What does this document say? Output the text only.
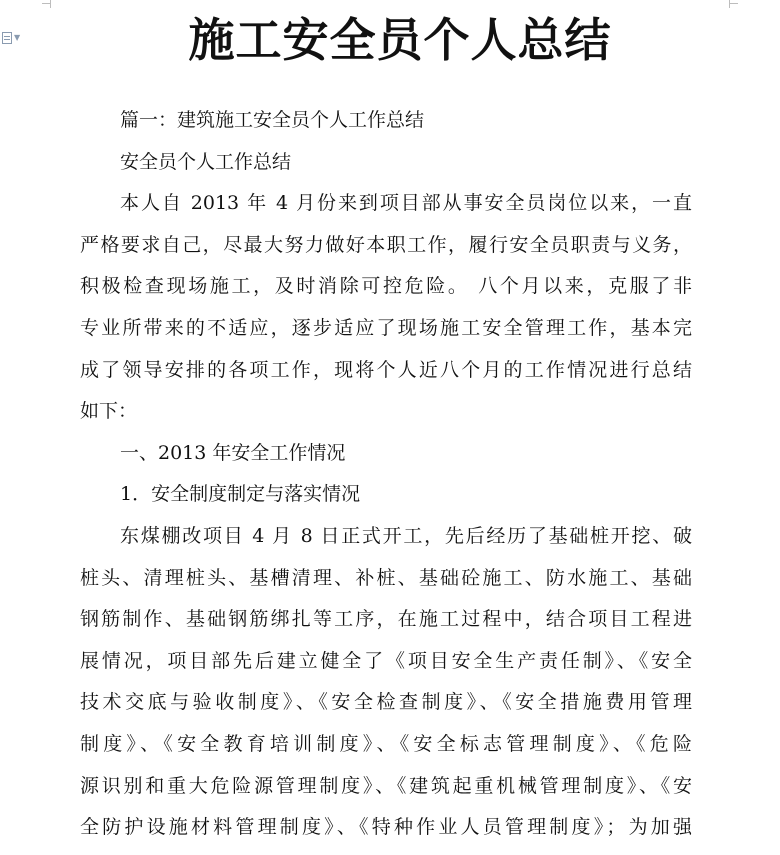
▼	施工安全员个人总结
篇一：建筑施工安全员个人工作总结
安全员个人工作总结
本人自 2013 年 4 月份来到项目部从事安全员岗位以来，一直
严格要求自己，尽最大努力做好本职工作，履行安全员职责与义务，
积极检查现场施工，及时消除可控危险。 八个月以来，克服了非
专业所带来的不适应，逐步适应了现场施工安全管理工作，基本完
成了领导安排的各项工作，现将个人近八个月的工作情况进行总结
如下：
一、2013 年安全工作情况
1．安全制度制定与落实情况
东煤棚改项目 4 月 8 日正式开工，先后经历了基础桩开挖、破
桩头、清理桩头、基槽清理、补桩、基础砼施工、防水施工、基础
钢筋制作、基础钢筋绑扎等工序，在施工过程中，结合项目工程进
展情况，项目部先后建立健全了《项目安全生产责任制》、《安全
技术交底与验收制度》、《安全检查制度》、《安全措施费用管理
制度》、《安全教育培训制度》、《安全标志管理制度》、《危险
源识别和重大危险源管理制度》、《建筑起重机械管理制度》、《安
全防护设施材料管理制度》、《特种作业人员管理制度》；为加强
